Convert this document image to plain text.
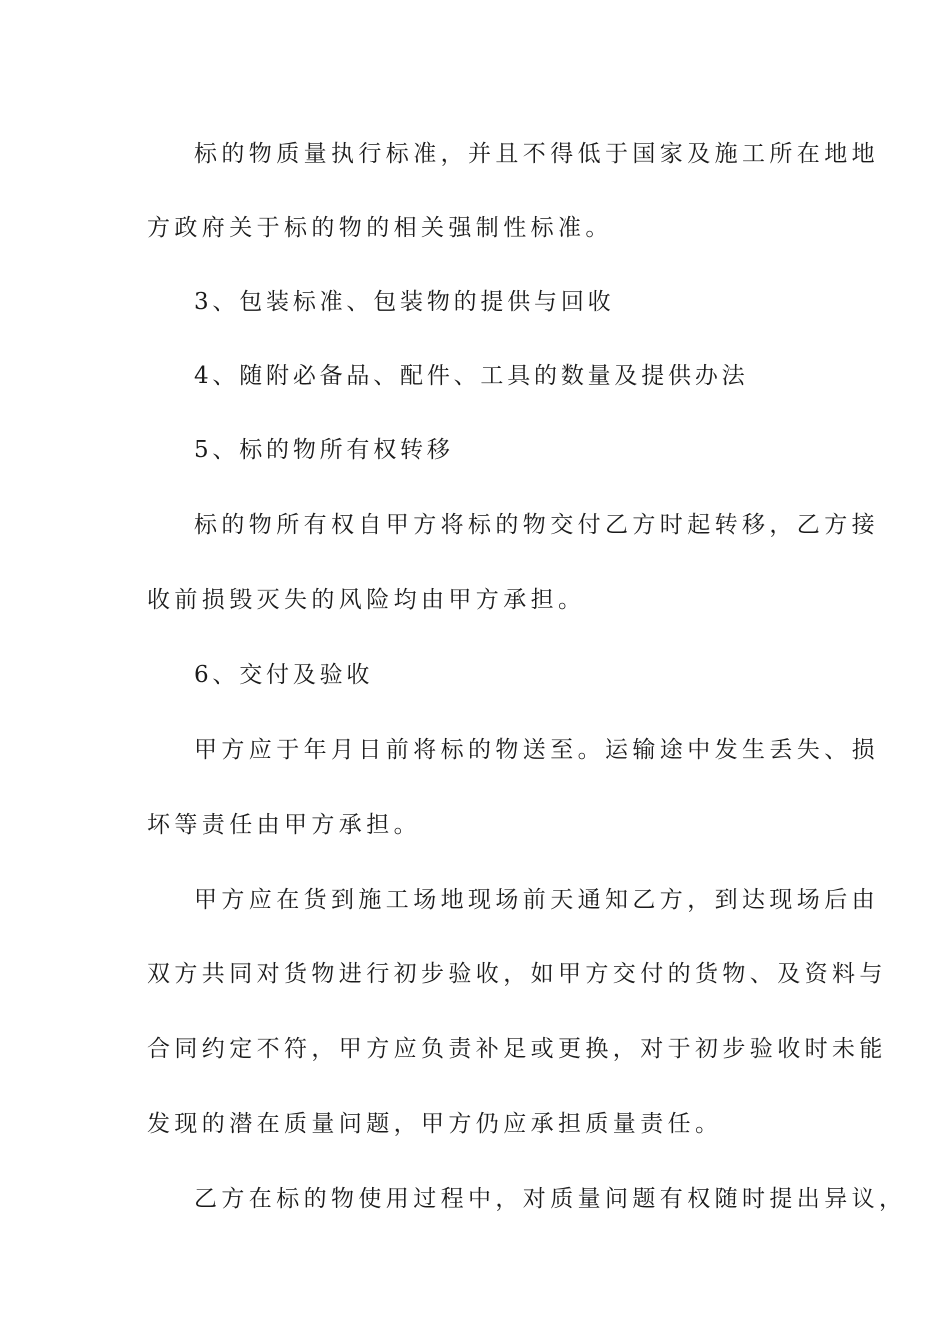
标的物质量执行标准，并且不得低于国家及施工所在地地
方政府关于标的物的相关强制性标准。
3、包装标准、包装物的提供与回收
4、随附必备品、配件、工具的数量及提供办法
5、标的物所有权转移
标的物所有权自甲方将标的物交付乙方时起转移，乙方接
收前损毁灭失的风险均由甲方承担。
6、交付及验收
甲方应于年月日前将标的物送至。运输途中发生丢失、损
坏等责任由甲方承担。
甲方应在货到施工场地现场前天通知乙方，到达现场后由
双方共同对货物进行初步验收，如甲方交付的货物、及资料与
合同约定不符，甲方应负责补足或更换，对于初步验收时未能
发现的潜在质量问题，甲方仍应承担质量责任。
乙方在标的物使用过程中，对质量问题有权随时提出异议，
